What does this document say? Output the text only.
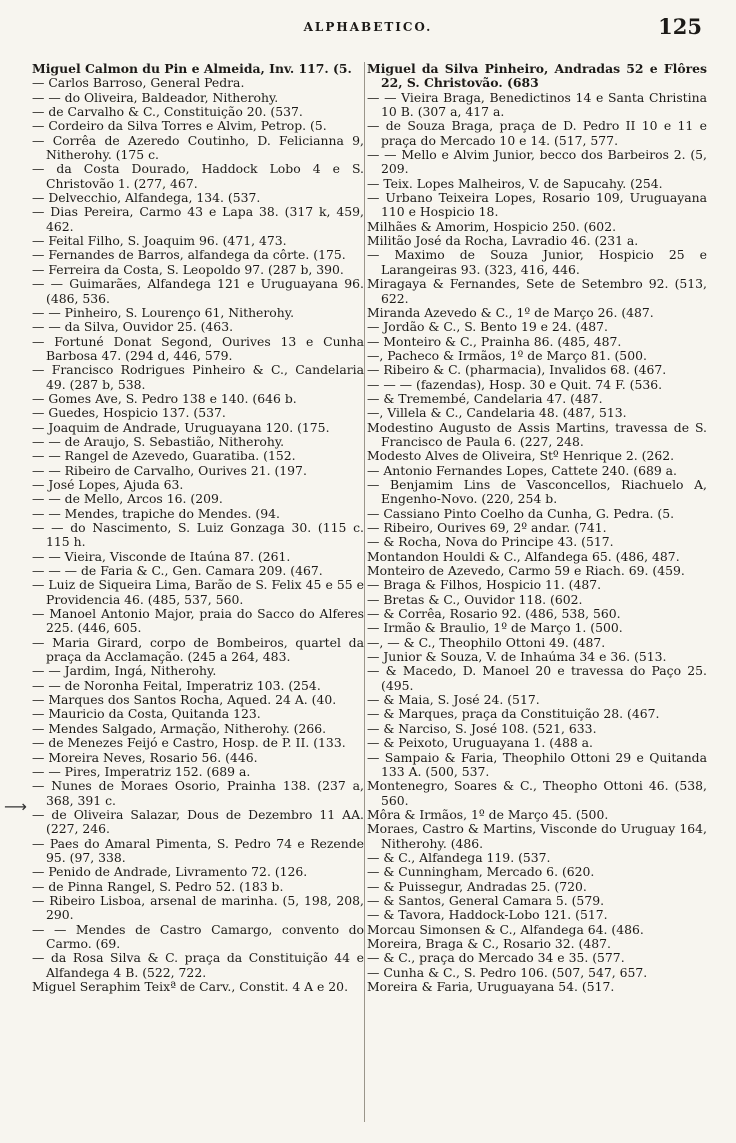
ALPHABETICO.	125
Miguel Calmon du Pin e Almeida, Inv. 117. (5.
— Carlos Barroso, General Pedra.
— — do Oliveira, Baldeador, Nitherohy.
— de Carvalho & C., Constituição 20. (537.
— Cordeiro da Silva Torres e Alvim, Petrop. (5.
— Corrêa de Azeredo Coutinho, D. Felicianna 9, Nitherohy. (175 c.
— da Costa Dourado, Haddock Lobo 4 e S. Christovão 1. (277, 467.
— Delvecchio, Alfandega, 134. (537.
— Dias Pereira, Carmo 43 e Lapa 38. (317 k, 459, 462.
— Feital Filho, S. Joaquim 96. (471, 473.
— Fernandes de Barros, alfandega da côrte. (175.
— Ferreira da Costa, S. Leopoldo 97. (287 b, 390.
— — Guimarães, Alfandega 121 e Uruguayana 96. (486, 536.
— — Pinheiro, S. Lourenço 61, Nitherohy.
— — da Silva, Ouvidor 25. (463.
— Fortuné Donat Segond, Ourives 13 e Cunha Barbosa 47. (294 d, 446, 579.
— Francisco Rodrigues Pinheiro & C., Candelaria 49. (287 b, 538.
— Gomes Ave, S. Pedro 138 e 140. (646 b.
— Guedes, Hospicio 137. (537.
— Joaquim de Andrade, Uruguayana 120. (175.
— — de Araujo, S. Sebastião, Nitherohy.
— — Rangel de Azevedo, Guaratiba. (152.
— — Ribeiro de Carvalho, Ourives 21. (197.
— José Lopes, Ajuda 63.
— — de Mello, Arcos 16. (209.
— — Mendes, trapiche do Mendes. (94.
— — do Nascimento, S. Luiz Gonzaga 30. (115 c. 115 h.
— — Vieira, Visconde de Itaúna 87. (261.
— — — de Faria & C., Gen. Camara 209. (467.
— Luiz de Siqueira Lima, Barão de S. Felix 45 e 55 e Providencia 46. (485, 537, 560.
— Manoel Antonio Major, praia do Sacco do Alferes 225. (446, 605.
— Maria Girard, corpo de Bombeiros, quartel da praça da Acclamação. (245 a 264, 483.
— — Jardim, Ingá, Nitherohy.
— — de Noronha Feital, Imperatriz 103. (254.
— Marques dos Santos Rocha, Aqued. 24 A. (40.
— Mauricio da Costa, Quitanda 123.
— Mendes Salgado, Armação, Nitherohy. (266.
— de Menezes Feijó e Castro, Hosp. de P. II. (133.
— Moreira Neves, Rosario 56. (446.
— — Pires, Imperatriz 152. (689 a.
— Nunes de Moraes Osorio, Prainha 138. (237 a, 368, 391 c.
— de Oliveira Salazar, Dous de Dezembro 11 AA. (227, 246.
— Paes do Amaral Pimenta, S. Pedro 74 e Rezende 95. (97, 338.
— Penido de Andrade, Livramento 72. (126.
— de Pinna Rangel, S. Pedro 52. (183 b.
— Ribeiro Lisboa, arsenal de marinha. (5, 198, 208, 290.
— — Mendes de Castro Camargo, convento do Carmo. (69.
— da Rosa Silva & C. praça da Constituição 44 e Alfandega 4 B. (522, 722.
Miguel Seraphim Teixª de Carv., Constit. 4 A e 20.
Miguel da Silva Pinheiro, Andradas 52 e Flôres 22, S. Christovão. (683
— — Vieira Braga, Benedictinos 14 e Santa Christina 10 B. (307 a, 417 a.
— de Souza Braga, praça de D. Pedro II 10 e 11 e praça do Mercado 10 e 14. (517, 577.
— — Mello e Alvim Junior, becco dos Barbeiros 2. (5, 209.
— Teix. Lopes Malheiros, V. de Sapucahy. (254.
— Urbano Teixeira Lopes, Rosario 109, Uruguayana 110 e Hospicio 18.
Milhães & Amorim, Hospicio 250. (602.
Militão José da Rocha, Lavradio 46. (231 a.
— Maximo de Souza Junior, Hospicio 25 e Larangeiras 93. (323, 416, 446.
Miragaya & Fernandes, Sete de Setembro 92. (513, 622.
Miranda Azevedo & C., 1º de Março 26. (487.
— Jordão & C., S. Bento 19 e 24. (487.
— Monteiro & C., Prainha 86. (485, 487.
—, Pacheco & Irmãos, 1º de Março 81. (500.
— Ribeiro & C. (pharmacia), Invalidos 68. (467.
— — — (fazendas), Hosp. 30 e Quit. 74 F. (536.
— & Tremembé, Candelaria 47. (487.
—, Villela & C., Candelaria 48. (487, 513.
Modestino Augusto de Assis Martins, travessa de S. Francisco de Paula 6. (227, 248.
Modesto Alves de Oliveira, Stº Henrique 2. (262.
— Antonio Fernandes Lopes, Cattete 240. (689 a.
— Benjamim Lins de Vasconcellos, Riachuelo A, Engenho-Novo. (220, 254 b.
— Cassiano Pinto Coelho da Cunha, G. Pedra. (5.
— Ribeiro, Ourives 69, 2º andar. (741.
— & Rocha, Nova do Principe 43. (517.
Montandon Houldi & C., Alfandega 65. (486, 487.
Monteiro de Azevedo, Carmo 59 e Riach. 69. (459.
— Braga & Filhos, Hospicio 11. (487.
— Bretas & C., Ouvidor 118. (602.
— & Corrêa, Rosario 92. (486, 538, 560.
— Irmão & Braulio, 1º de Março 1. (500.
—, — & C., Theophilo Ottoni 49. (487.
— Junior & Souza, V. de Inhaúma 34 e 36. (513.
— & Macedo, D. Manoel 20 e travessa do Paço 25. (495.
— & Maia, S. José 24. (517.
— & Marques, praça da Constituição 28. (467.
— & Narciso, S. José 108. (521, 633.
— & Peixoto, Uruguayana 1. (488 a.
— Sampaio & Faria, Theophilo Ottoni 29 e Quitanda 133 A. (500, 537.
Montenegro, Soares & C., Theopho Ottoni 46. (538, 560.
Môra & Irmãos, 1º de Março 45. (500.
Moraes, Castro & Martins, Visconde do Uruguay 164, Nitherohy. (486.
— & C., Alfandega 119. (537.
— & Cunningham, Mercado 6. (620.
— & Puissegur, Andradas 25. (720.
— & Santos, General Camara 5. (579.
— & Tavora, Haddock-Lobo 121. (517.
Morcau Simonsen & C., Alfandega 64. (486.
Moreira, Braga & C., Rosario 32. (487.
— & C., praça do Mercado 34 e 35. (577.
— Cunha & C., S. Pedro 106. (507, 547, 657.
Moreira & Faria, Uruguayana 54. (517.
⟶
